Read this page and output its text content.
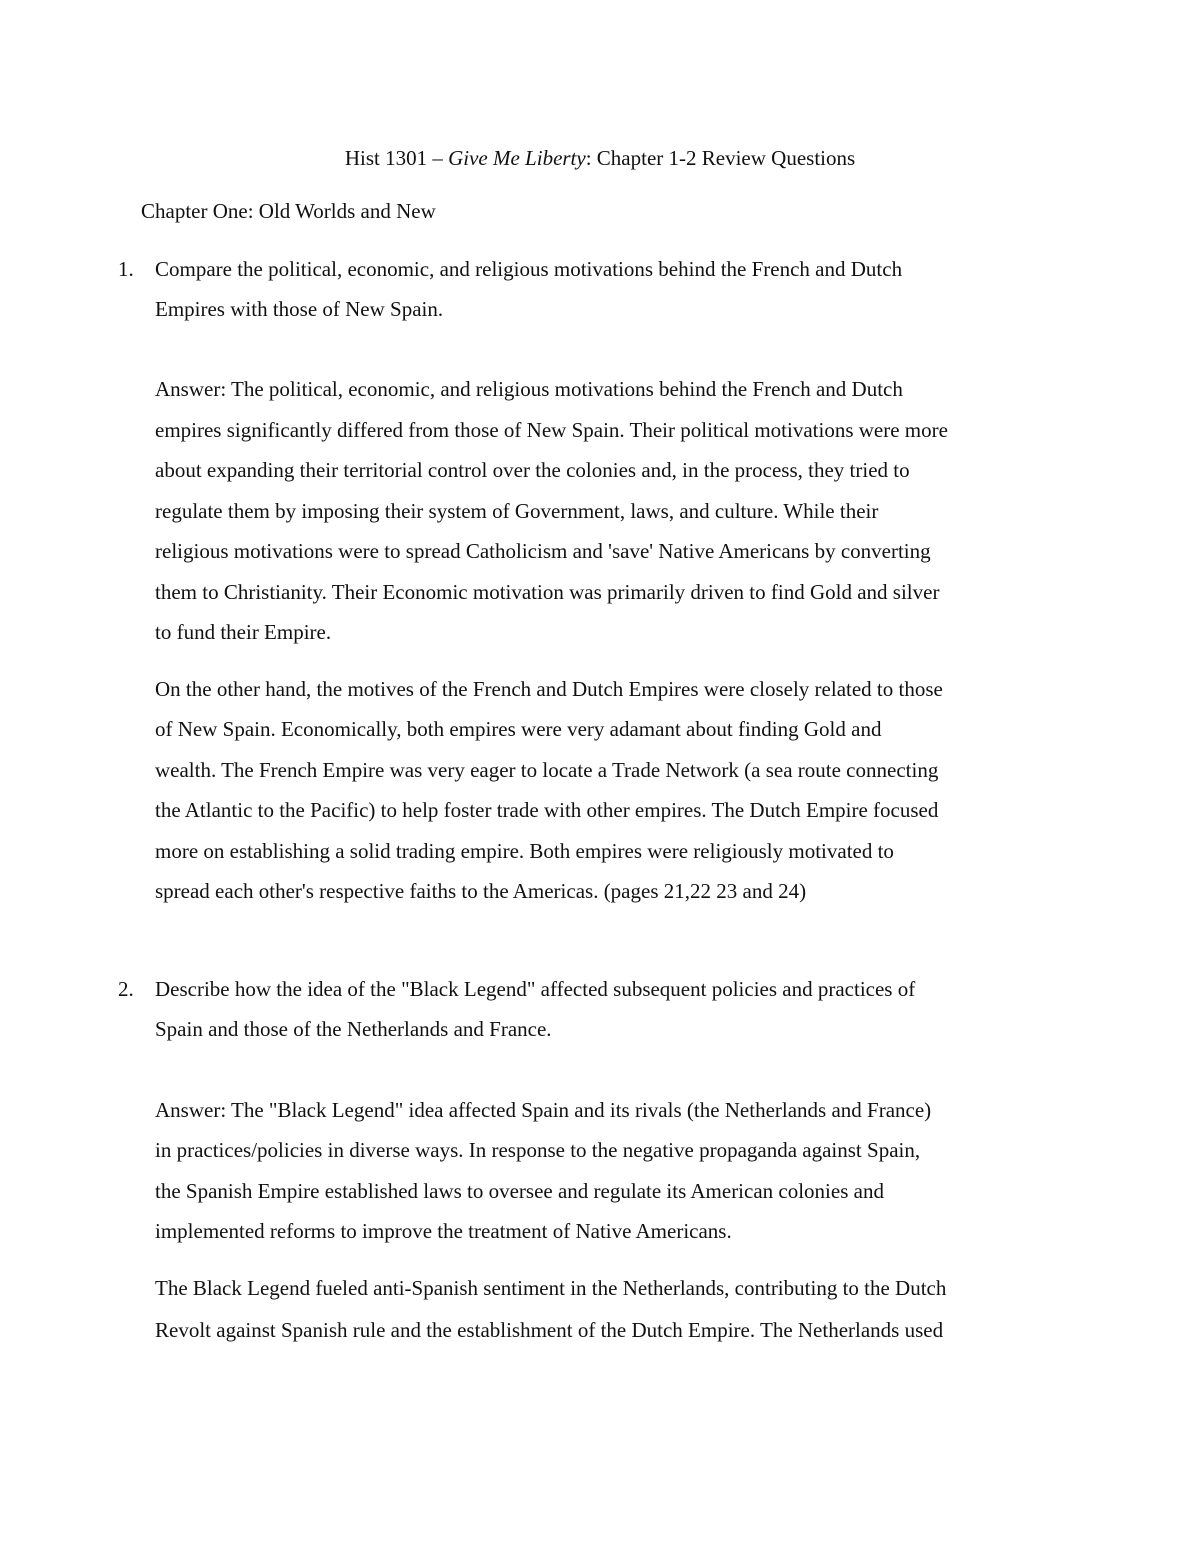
Hist 1301 – Give Me Liberty: Chapter 1-2 Review Questions

Chapter One: Old Worlds and New

1. Compare the political, economic, and religious motivations behind the French and Dutch

Empires with those of New Spain.

Answer: The political, economic, and religious motivations behind the French and Dutch

empires significantly differed from those of New Spain. Their political motivations were more

about expanding their territorial control over the colonies and, in the process, they tried to

regulate them by imposing their system of Government, laws, and culture. While their

religious motivations were to spread Catholicism and 'save' Native Americans by converting

them to Christianity. Their Economic motivation was primarily driven to find Gold and silver

to fund their Empire.

On the other hand, the motives of the French and Dutch Empires were closely related to those

of New Spain. Economically, both empires were very adamant about finding Gold and

wealth. The French Empire was very eager to locate a Trade Network (a sea route connecting

the Atlantic to the Pacific) to help foster trade with other empires. The Dutch Empire focused

more on establishing a solid trading empire. Both empires were religiously motivated to

spread each other's respective faiths to the Americas. (pages 21,22 23 and 24)

2. Describe how the idea of the "Black Legend" affected subsequent policies and practices of

Spain and those of the Netherlands and France.

Answer: The "Black Legend" idea affected Spain and its rivals (the Netherlands and France)

in practices/policies in diverse ways. In response to the negative propaganda against Spain,

the Spanish Empire established laws to oversee and regulate its American colonies and

implemented reforms to improve the treatment of Native Americans.

The Black Legend fueled anti-Spanish sentiment in the Netherlands, contributing to the Dutch

Revolt against Spanish rule and the establishment of the Dutch Empire. The Netherlands used
